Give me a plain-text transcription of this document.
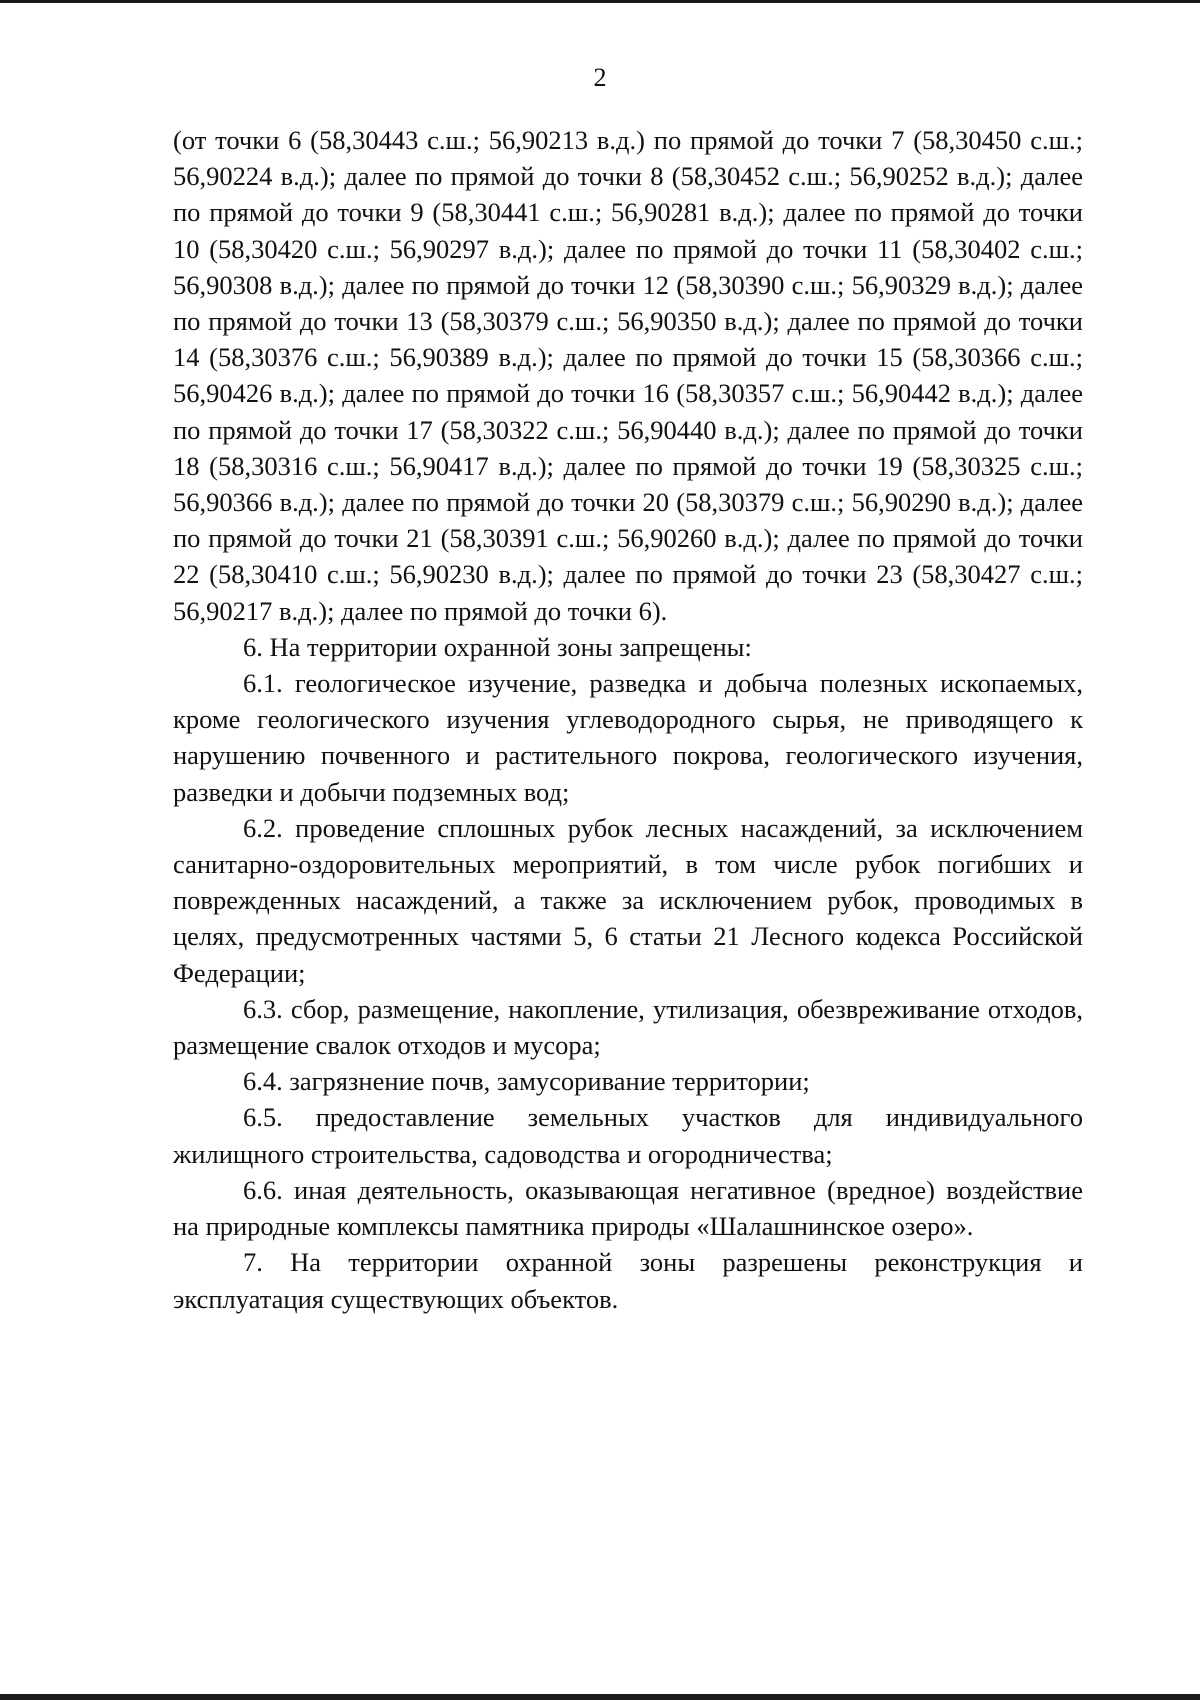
2

(от точки 6 (58,30443 с.ш.; 56,90213 в.д.) по прямой до точки 7 (58,30450 с.ш.; 56,90224 в.д.); далее по прямой до точки 8 (58,30452 с.ш.; 56,90252 в.д.); далее по прямой до точки 9 (58,30441 с.ш.; 56,90281 в.д.); далее по прямой до точки 10 (58,30420 с.ш.; 56,90297 в.д.); далее по прямой до точки 11 (58,30402 с.ш.; 56,90308 в.д.); далее по прямой до точки 12 (58,30390 с.ш.; 56,90329 в.д.); далее по прямой до точки 13 (58,30379 с.ш.; 56,90350 в.д.); далее по прямой до точки 14 (58,30376 с.ш.; 56,90389 в.д.); далее по прямой до точки 15 (58,30366 с.ш.; 56,90426 в.д.); далее по прямой до точки 16 (58,30357 с.ш.; 56,90442 в.д.); далее по прямой до точки 17 (58,30322 с.ш.; 56,90440 в.д.); далее по прямой до точки 18 (58,30316 с.ш.; 56,90417 в.д.); далее по прямой до точки 19 (58,30325 с.ш.; 56,90366 в.д.); далее по прямой до точки 20 (58,30379 с.ш.; 56,90290 в.д.); далее по прямой до точки 21 (58,30391 с.ш.; 56,90260 в.д.); далее по прямой до точки 22 (58,30410 с.ш.; 56,90230 в.д.); далее по прямой до точки 23 (58,30427 с.ш.; 56,90217 в.д.); далее по прямой до точки 6).

6. На территории охранной зоны запрещены:

6.1. геологическое изучение, разведка и добыча полезных ископаемых, кроме геологического изучения углеводородного сырья, не приводящего к нарушению почвенного и растительного покрова, геологического изучения, разведки и добычи подземных вод;

6.2. проведение сплошных рубок лесных насаждений, за исключением санитарно-оздоровительных мероприятий, в том числе рубок погибших и поврежденных насаждений, а также за исключением рубок, проводимых в целях, предусмотренных частями 5, 6 статьи 21 Лесного кодекса Российской Федерации;

6.3. сбор, размещение, накопление, утилизация, обезвреживание отходов, размещение свалок отходов и мусора;

6.4. загрязнение почв, замусоривание территории;

6.5. предоставление земельных участков для индивидуального жилищного строительства, садоводства и огородничества;

6.6. иная деятельность, оказывающая негативное (вредное) воздействие на природные комплексы памятника природы «Шалашнинское озеро».

7. На территории охранной зоны разрешены реконструкция и эксплуатация существующих объектов.
